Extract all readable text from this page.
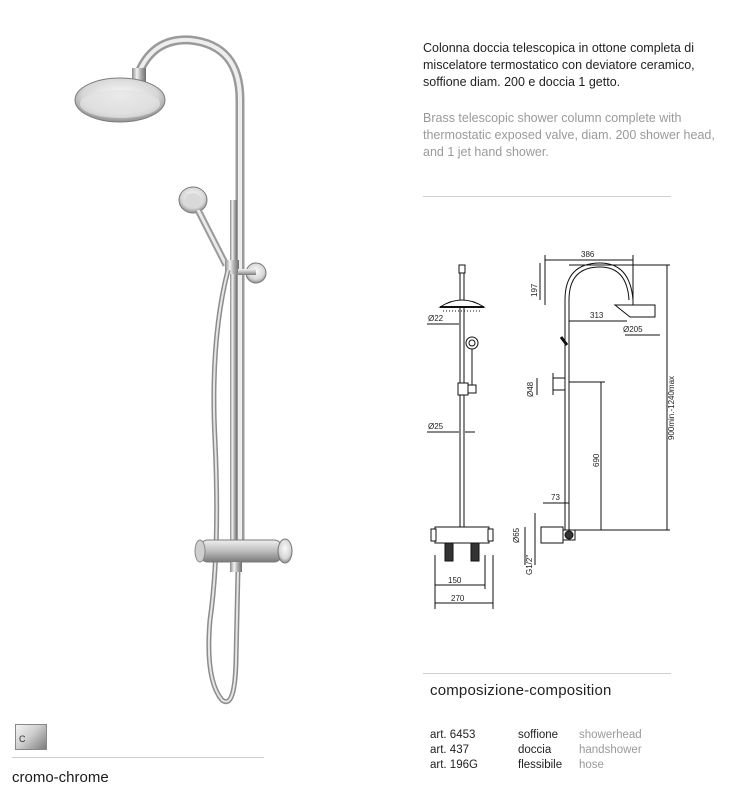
Colonna doccia telescopica in ottone completa di miscelatore termostatico con deviatore ceramico, soffione diam. 200 e doccia 1 getto.
Brass telescopic shower column complete with thermostatic exposed valve, diam. 200 shower head, and 1 jet hand shower.
Ø22
Ø25
150
270
386
197
313
Ø205
Ø48
690
900min.-1240max
73
Ø65
G1/2"
composizione-composition
art. 6453	soffione	showerhead
art. 437	doccia	handshower
art. 196G	flessibile	hose
C
cromo-chrome
